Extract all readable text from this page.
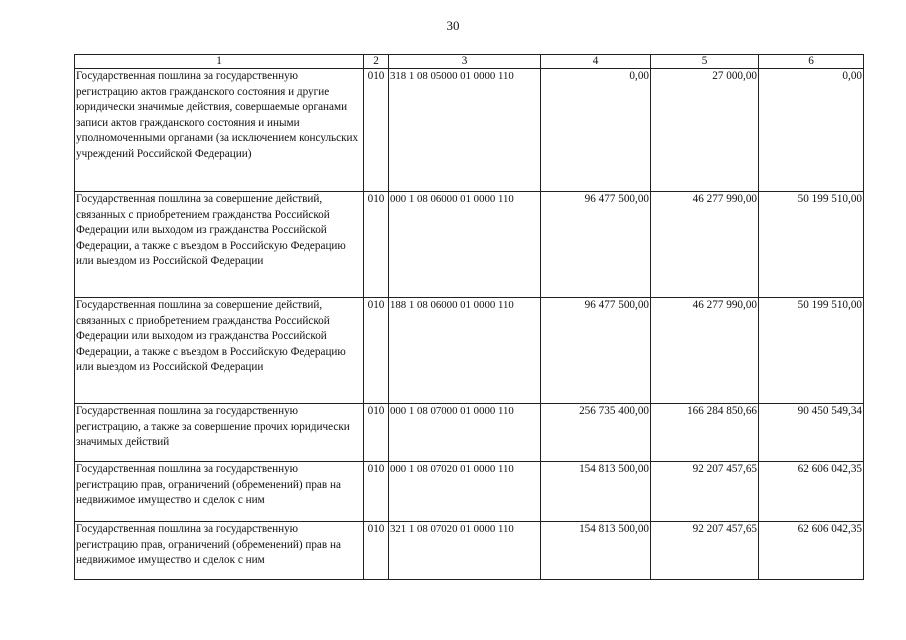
30
1	2	3	4	5	6
Государственная пошлина за государственную регистрацию актов гражданского состояния и другие юридически значимые действия, совершаемые органами записи актов гражданского состояния и иными уполномоченными органами (за исключением консульских учреждений Российской Федерации)	010	318 1 08 05000 01 0000 110	0,00	27 000,00	0,00
Государственная пошлина за совершение действий, связанных с приобретением гражданства Российской Федерации или выходом из гражданства Российской Федерации, а также с въездом в Российскую Федерацию или выездом из Российской Федерации	010	000 1 08 06000 01 0000 110	96 477 500,00	46 277 990,00	50 199 510,00
Государственная пошлина за совершение действий, связанных с приобретением гражданства Российской Федерации или выходом из гражданства Российской Федерации, а также с въездом в Российскую Федерацию или выездом из Российской Федерации	010	188 1 08 06000 01 0000 110	96 477 500,00	46 277 990,00	50 199 510,00
Государственная пошлина за государственную регистрацию, а также за совершение прочих юридически значимых действий	010	000 1 08 07000 01 0000 110	256 735 400,00	166 284 850,66	90 450 549,34
Государственная пошлина за государственную регистрацию прав, ограничений (обременений) прав на недвижимое имущество и сделок с ним	010	000 1 08 07020 01 0000 110	154 813 500,00	92 207 457,65	62 606 042,35
Государственная пошлина за государственную регистрацию прав, ограничений (обременений) прав на недвижимое имущество и сделок с ним	010	321 1 08 07020 01 0000 110	154 813 500,00	92 207 457,65	62 606 042,35
